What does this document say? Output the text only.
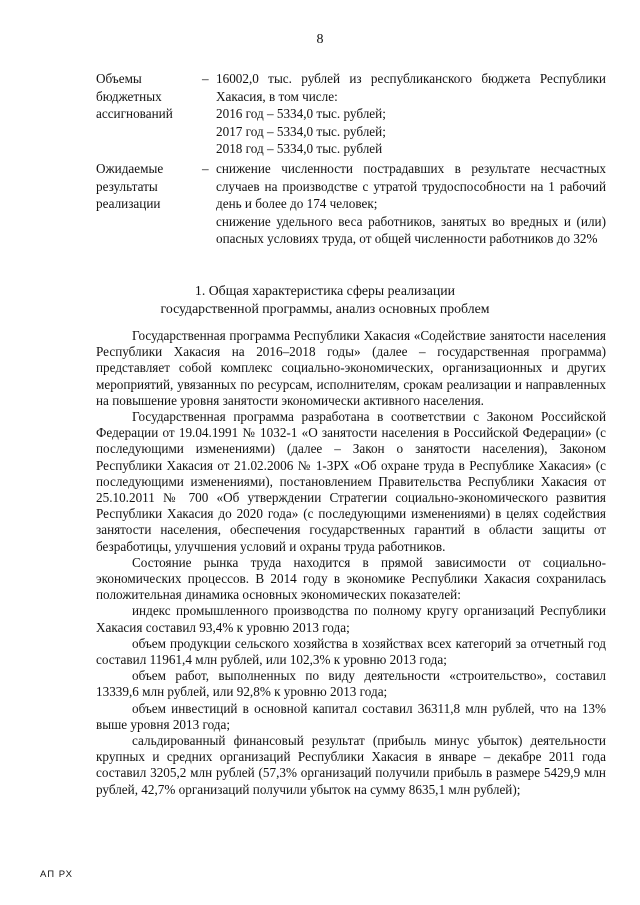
8
Объемы
бюджетных
ассигнований
– 16002,0 тыс. рублей из республиканского бюджета Республики Хакасия, в том числе:

2016 год – 5334,0 тыс. рублей;

2017 год – 5334,0 тыс. рублей;

2018 год – 5334,0 тыс. рублей

Ожидаемые
результаты
реализации
– снижение численности пострадавших в результате несчастных случаев на производстве с утратой трудоспособности на 1 рабочий день и более до 174 человек;

снижение удельного веса работников, занятых во вредных и (или) опасных условиях труда, от общей численности работников до 32%

1. Общая характеристика сферы реализации
государственной программы, анализ основных проблем

Государственная программа Республики Хакасия «Содействие занятости населения Республики Хакасия на 2016–2018 годы» (далее – государственная программа) представляет собой комплекс социально-экономических, организационных и других мероприятий, увязанных по ресурсам, исполнителям, срокам реализации и направленных на повышение уровня занятости экономически активного населения.

Государственная программа разработана в соответствии с Законом Российской Федерации от 19.04.1991 № 1032-1 «О занятости населения в Российской Федерации» (с последующими изменениями) (далее – Закон о занятости населения), Законом Республики Хакасия от 21.02.2006 № 1-ЗРХ «Об охране труда в Республике Хакасия» (с последующими изменениями), постановлением Правительства Республики Хакасия от 25.10.2011 № 700 «Об утверждении Стратегии социально-экономического развития Республики Хакасия до 2020 года» (с последующими изменениями) в целях содействия занятости населения, обеспечения государственных гарантий в области защиты от безработицы, улучшения условий и охраны труда работников.

Состояние рынка труда находится в прямой зависимости от социально-экономических процессов. В 2014 году в экономике Республики Хакасия сохранилась положительная динамика основных экономических показателей:

индекс промышленного производства по полному кругу организаций Республики Хакасия составил 93,4% к уровню 2013 года;

объем продукции сельского хозяйства в хозяйствах всех категорий за отчетный год составил 11961,4 млн рублей, или 102,3% к уровню 2013 года;

объем работ, выполненных по виду деятельности «строительство», составил 13339,6 млн рублей, или 92,8% к уровню 2013 года;

объем инвестиций в основной капитал составил 36311,8 млн рублей, что на 13% выше уровня 2013 года;

сальдированный финансовый результат (прибыль минус убыток) деятельности крупных и средних организаций Республики Хакасия в январе – декабре 2011 года составил 3205,2 млн рублей (57,3% организаций получили прибыль в размере 5429,9 млн рублей, 42,7% организаций получили убыток на сумму 8635,1 млн рублей);

АП РХ
